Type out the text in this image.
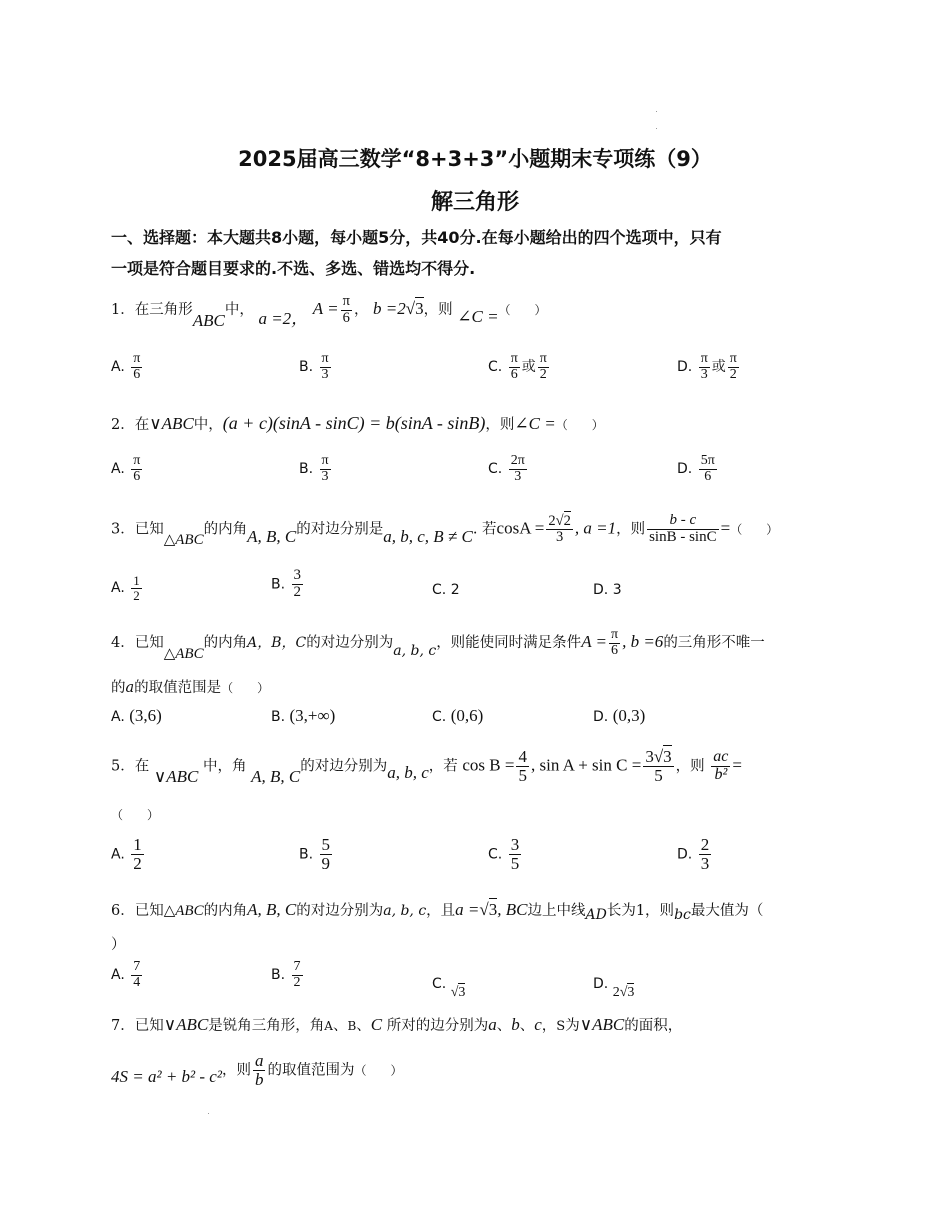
2025届高三数学“8+3+3”小题期末专项练（9）
解三角形
一、选择题：本大题共8小题，每小题5分，共40分.在每小题给出的四个选项中，只有
一项是符合题目要求的.不选、多选、错选均不得分.
1．在三角形ABC中， a =2， $A = \frac{\pi}{6}$ ， b =2√3，则 ∠C =（　　）
A. $\frac{\pi}{6}$	B. $\frac{\pi}{3}$	C. $\frac{\pi}{6}$ 或 $\frac{\pi}{2}$	D. $\frac{\pi}{3}$ 或 $\frac{\pi}{2}$
2．在∨ABC中，(a + c)(sinA - sinC) = b(sinA - sinB)，则∠C =（　　）
A. $\frac{\pi}{6}$	B. $\frac{\pi}{3}$	C. $\frac{2\pi}{3}$	D. $\frac{5\pi}{6}$
3．已知△ABC的内角A, B, C的对边分别是a, b, c, B ≠ C. 若$\cos A = \frac{2√2}{3}$ , a =1，则 $\frac{b - c}{\sin B - \sin C}$ =（　　）
A. $\frac{1}{2}$	B. $\frac{3}{2}$	C. 2	D. 3
4．已知△ABC的内角A，B，C的对边分别为a, b, c，则能使同时满足条件$A = \frac{\pi}{6}$ , b =6的三角形不唯一
的a的取值范围是（　　）
A. (3,6)	B. (3,+∞)	C. (0,6)	D. (0,3)
5．在 ∨ABC 中，角 A, B, C的对边分别为a, b, c，若 $\cos B = \frac{4}{5}$ , $\sin A + \sin C = \frac{3√3}{5}$ ，则 $\frac{ac}{\text{b²}}$ =
（　　）
A. $\frac{1}{2}$	B. $\frac{5}{9}$	C. $\frac{3}{5}$	D. $\frac{2}{3}$
6．已知△ABC的内角A, B, C的对边分别为a, b, c，且a =√3, BC边上中线AD长为1，则bc最大值为（
）
A. $\frac{7}{4}$	B. $\frac{7}{2}$	C. √3
D. 2√3
7．已知∨ABC是锐角三角形，角A、B、C 所对的边分别为a、b、c，S为∨ABC的面积，
4S = a² + b² - c²，则 $\frac{a}{b}$ 的取值范围为（　　）
